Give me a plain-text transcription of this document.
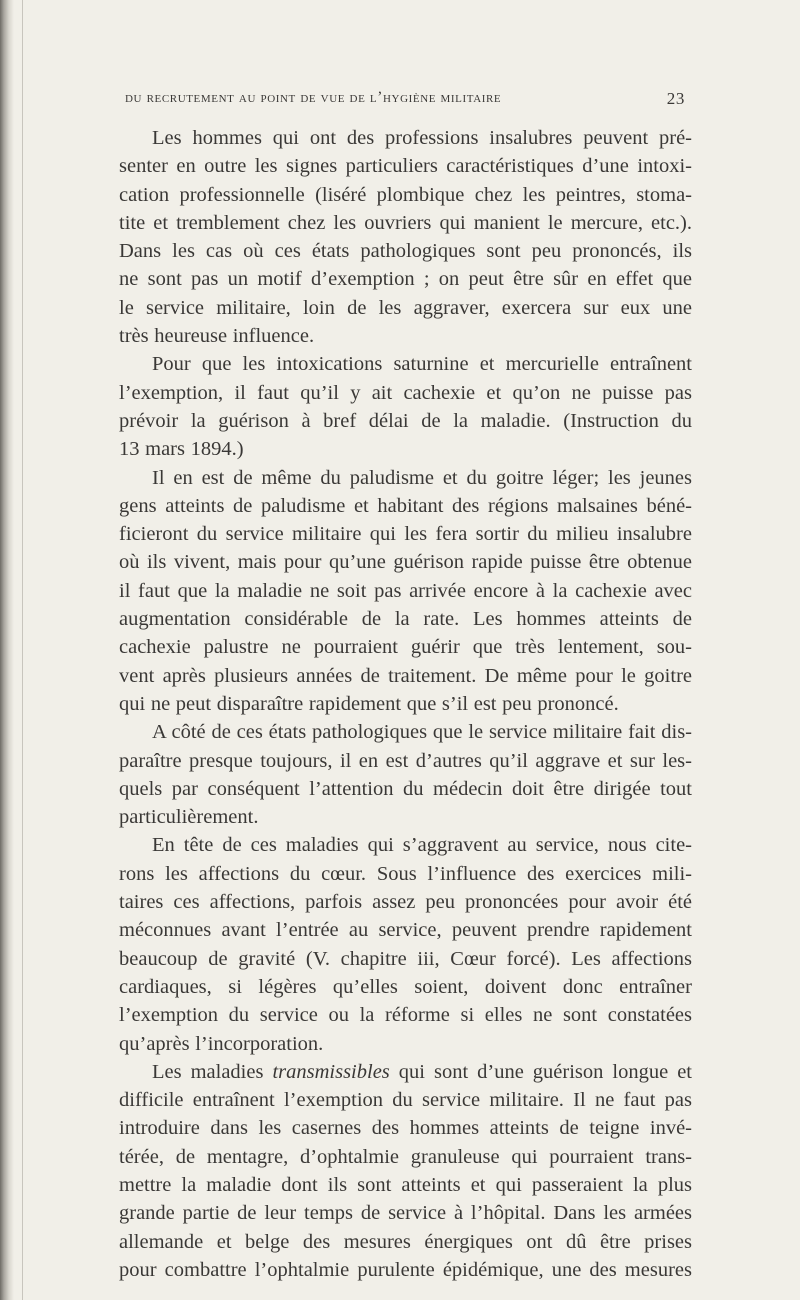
du recrutement au point de vue de l’hygiène militaire	23
Les hommes qui ont des professions insalubres peuvent pré-
senter en outre les signes particuliers caractéristiques d’une intoxi-
cation professionnelle (liséré plombique chez les peintres, stoma-
tite et tremblement chez les ouvriers qui manient le mercure, etc.).
Dans les cas où ces états pathologiques sont peu prononcés, ils
ne sont pas un motif d’exemption ; on peut être sûr en effet que
le service militaire, loin de les aggraver, exercera sur eux une
très heureuse influence.
Pour que les intoxications saturnine et mercurielle entraînent
l’exemption, il faut qu’il y ait cachexie et qu’on ne puisse pas
prévoir la guérison à bref délai de la maladie. (Instruction du
13 mars 1894.)
Il en est de même du paludisme et du goitre léger; les jeunes
gens atteints de paludisme et habitant des régions malsaines béné-
ficieront du service militaire qui les fera sortir du milieu insalubre
où ils vivent, mais pour qu’une guérison rapide puisse être obtenue
il faut que la maladie ne soit pas arrivée encore à la cachexie avec
augmentation considérable de la rate. Les hommes atteints de
cachexie palustre ne pourraient guérir que très lentement, sou-
vent après plusieurs années de traitement. De même pour le goitre
qui ne peut disparaître rapidement que s’il est peu prononcé.
A côté de ces états pathologiques que le service militaire fait dis-
paraître presque toujours, il en est d’autres qu’il aggrave et sur les-
quels par conséquent l’attention du médecin doit être dirigée tout
particulièrement.
En tête de ces maladies qui s’aggravent au service, nous cite-
rons les affections du cœur. Sous l’influence des exercices mili-
taires ces affections, parfois assez peu prononcées pour avoir été
méconnues avant l’entrée au service, peuvent prendre rapidement
beaucoup de gravité (V. chapitre iii, Cœur forcé). Les affections
cardiaques, si légères qu’elles soient, doivent donc entraîner
l’exemption du service ou la réforme si elles ne sont constatées
qu’après l’incorporation.
Les maladies transmissibles qui sont d’une guérison longue et
difficile entraînent l’exemption du service militaire. Il ne faut pas
introduire dans les casernes des hommes atteints de teigne invé-
térée, de mentagre, d’ophtalmie granuleuse qui pourraient trans-
mettre la maladie dont ils sont atteints et qui passeraient la plus
grande partie de leur temps de service à l’hôpital. Dans les armées
allemande et belge des mesures énergiques ont dû être prises
pour combattre l’ophtalmie purulente épidémique, une des mesures
